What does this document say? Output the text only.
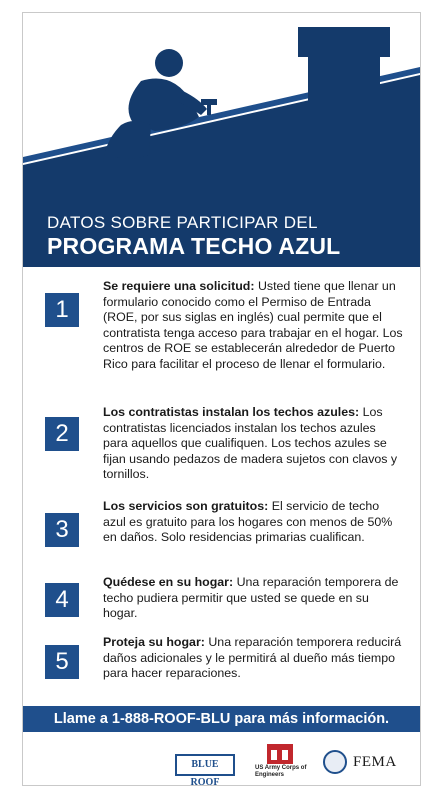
DATOS SOBRE PARTICIPAR DEL
PROGRAMA TECHO AZUL
1
Se requiere una solicitud: Usted tiene que llenar un formulario conocido como el Permiso de Entrada (ROE, por sus siglas en inglés) cual permite que el contratista tenga acceso para trabajar en el hogar. Los centros de ROE se establecerán alrededor de Puerto Rico para facilitar el proceso de llenar el formulario.
2
Los contratistas instalan los techos azules: Los contratistas licenciados instalan los techos azules para aquellos que cualifiquen. Los techos azules se fijan usando pedazos de madera sujetos con clavos y tornillos.
3
Los servicios son gratuitos: El servicio de techo azul es gratuito para los hogares con menos de 50% en daños. Solo residencias primarias cualifican.
4
Quédese en su hogar: Una reparación temporera de techo pudiera permitir que usted se quede en su hogar.
5
Proteja su hogar: Una reparación temporera reducirá daños adicionales y le permitirá al dueño más tiempo para hacer reparaciones.
Llame a 1-888-ROOF-BLU para más información.
BLUE ROOF
US Army Corps of Engineers
FEMA
